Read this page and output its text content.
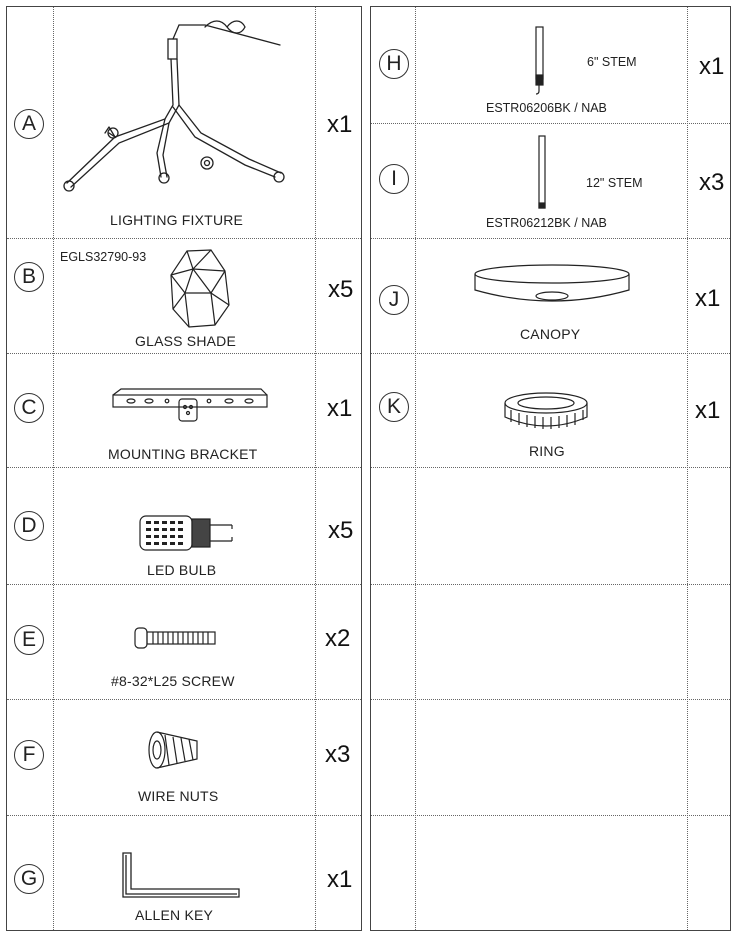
A
LIGHTING FIXTURE
x1
B
EGLS32790-93
GLASS SHADE
x5
C
MOUNTING BRACKET
x1
D
LED BULB
x5
E
#8-32*L25 SCREW
x2
F
WIRE NUTS
x3
G
ALLEN KEY
x1
H	6" STEM
ESTR06206BK / NAB
x1
I	12" STEM
ESTR06212BK / NAB
x3
J
CANOPY
x1
K
RING
x1
